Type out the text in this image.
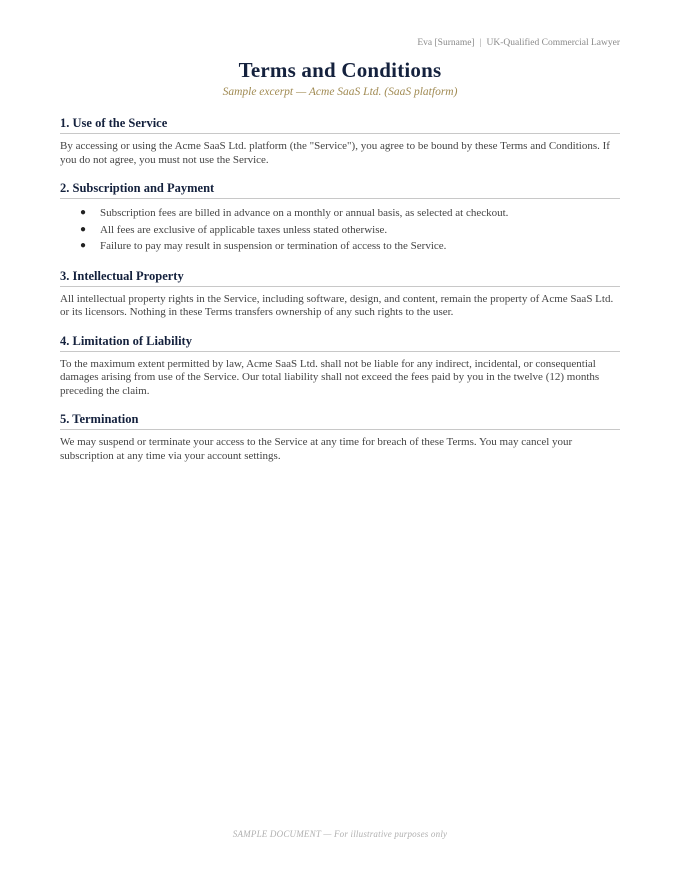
Eva [Surname] | UK-Qualified Commercial Lawyer
Terms and Conditions
Sample excerpt — Acme SaaS Ltd. (SaaS platform)
1. Use of the Service

By accessing or using the Acme SaaS Ltd. platform (the "Service"), you agree to be bound by these Terms and Conditions. If you do not agree, you must not use the Service.

2. Subscription and Payment
● Subscription fees are billed in advance on a monthly or annual basis, as selected at checkout.
● All fees are exclusive of applicable taxes unless stated otherwise.
● Failure to pay may result in suspension or termination of access to the Service.
3. Intellectual Property

All intellectual property rights in the Service, including software, design, and content, remain the property of Acme SaaS Ltd. or its licensors. Nothing in these Terms transfers ownership of any such rights to the user.

4. Limitation of Liability

To the maximum extent permitted by law, Acme SaaS Ltd. shall not be liable for any indirect, incidental, or consequential damages arising from use of the Service. Our total liability shall not exceed the fees paid by you in the twelve (12) months preceding the claim.

5. Termination

We may suspend or terminate your access to the Service at any time for breach of these Terms. You may cancel your subscription at any time via your account settings.

SAMPLE DOCUMENT — For illustrative purposes only
